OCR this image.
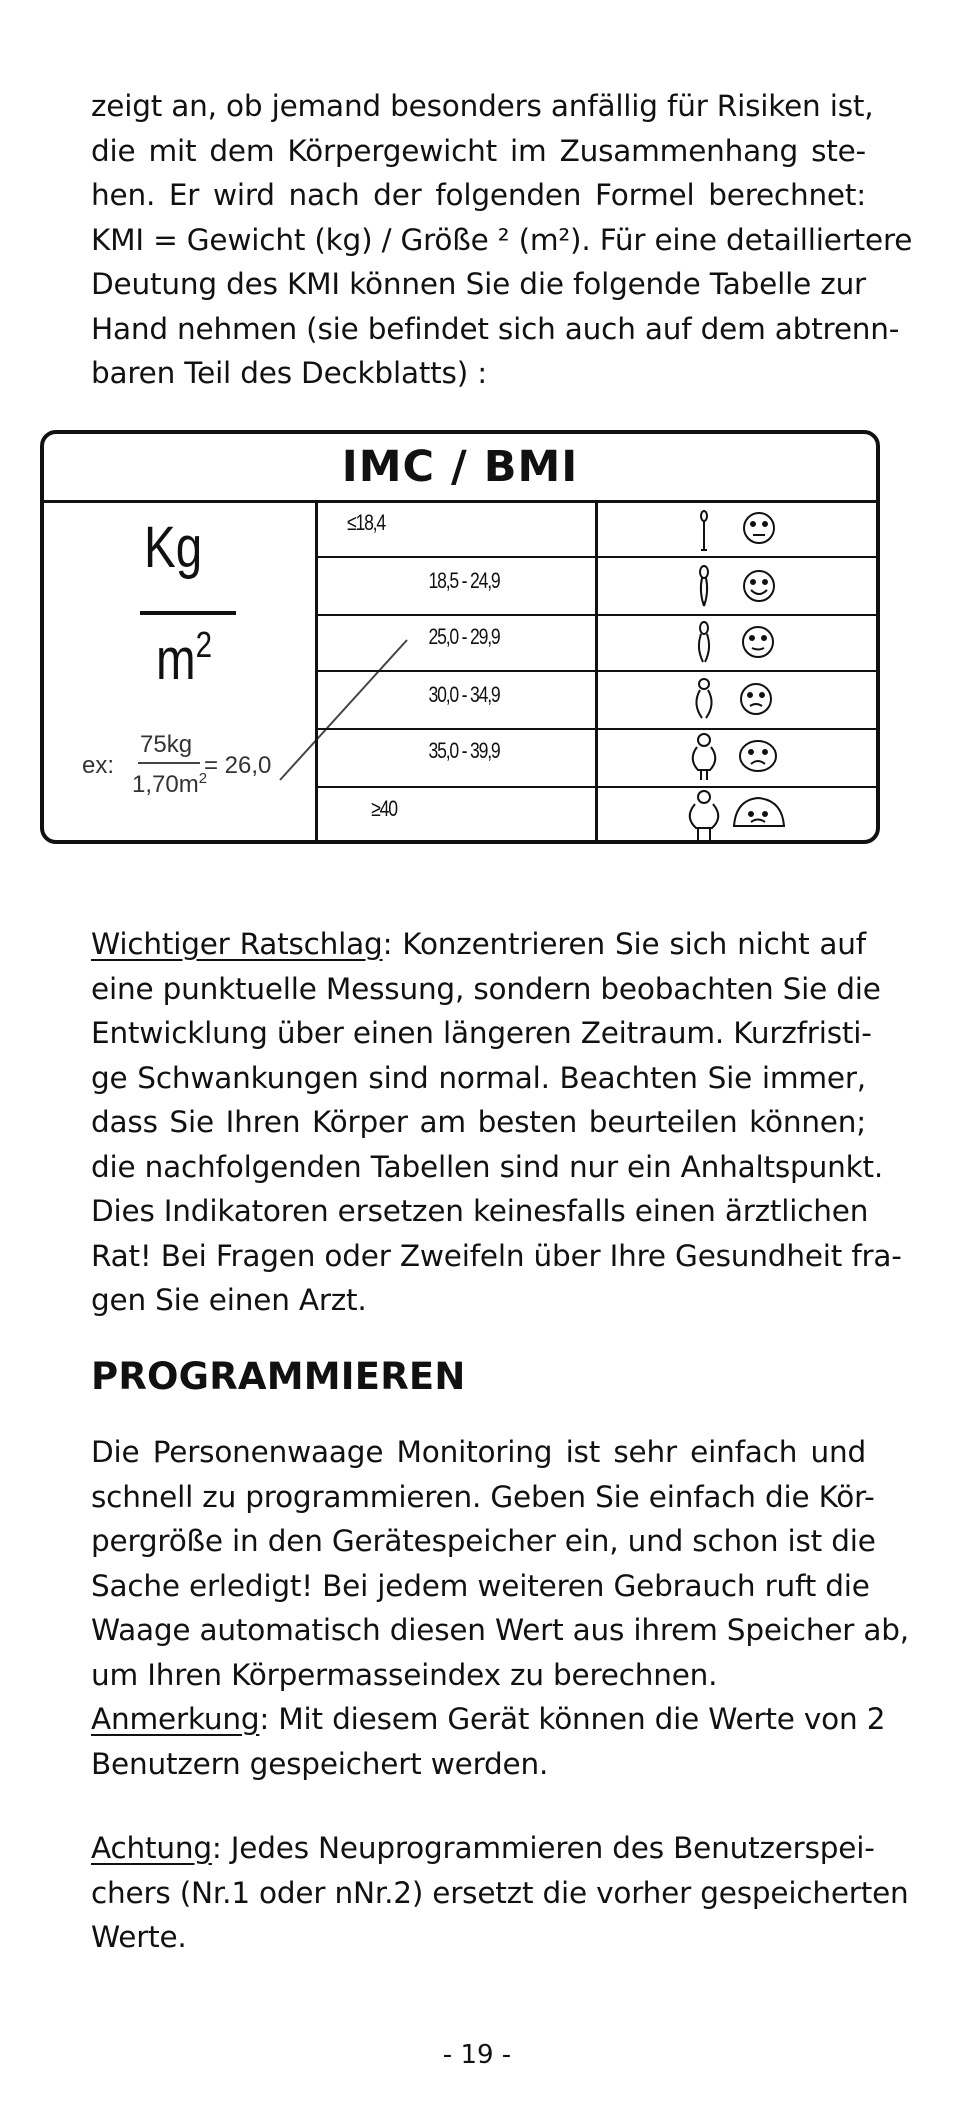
zeigt an, ob jemand besonders anfällig für Risiken ist,
die mit dem Körpergewicht im Zusammenhang ste-
hen. Er wird nach der folgenden Formel berechnet:
KMI = Gewicht (kg) / Größe ² (m²). Für eine detailliertere
Deutung des KMI können Sie die folgende Tabelle zur
Hand nehmen (sie befindet sich auch auf dem abtrenn-
baren Teil des Deckblatts) :
IMC / BMI
Kg
$m^2$
ex:
75kg
$1,70m^2$
= 26,0
≤18,4
18,5 - 24,9
25,0 - 29,9
30,0 - 34,9
35,0 - 39,9
≥40
Wichtiger Ratschlag: Konzentrieren Sie sich nicht auf
eine punktuelle Messung, sondern beobachten Sie die
Entwicklung über einen längeren Zeitraum. Kurzfristi-
ge Schwankungen sind normal. Beachten Sie immer,
dass Sie Ihren Körper am besten beurteilen können;
die nachfolgenden Tabellen sind nur ein Anhaltspunkt.
Dies Indikatoren ersetzen keinesfalls einen ärztlichen
Rat! Bei Fragen oder Zweifeln über Ihre Gesundheit fra-
gen Sie einen Arzt.
PROGRAMMIEREN
Die Personenwaage Monitoring ist sehr einfach und
schnell zu programmieren. Geben Sie einfach die Kör-
pergröße in den Gerätespeicher ein, und schon ist die
Sache erledigt! Bei jedem weiteren Gebrauch ruft die
Waage automatisch diesen Wert aus ihrem Speicher ab,
um Ihren Körpermasseindex zu berechnen.
Anmerkung: Mit diesem Gerät können die Werte von 2
Benutzern gespeichert werden.
Achtung: Jedes Neuprogrammieren des Benutzerspei-
chers (Nr.1 oder nNr.2) ersetzt die vorher gespeicherten
Werte.
- 19 -
